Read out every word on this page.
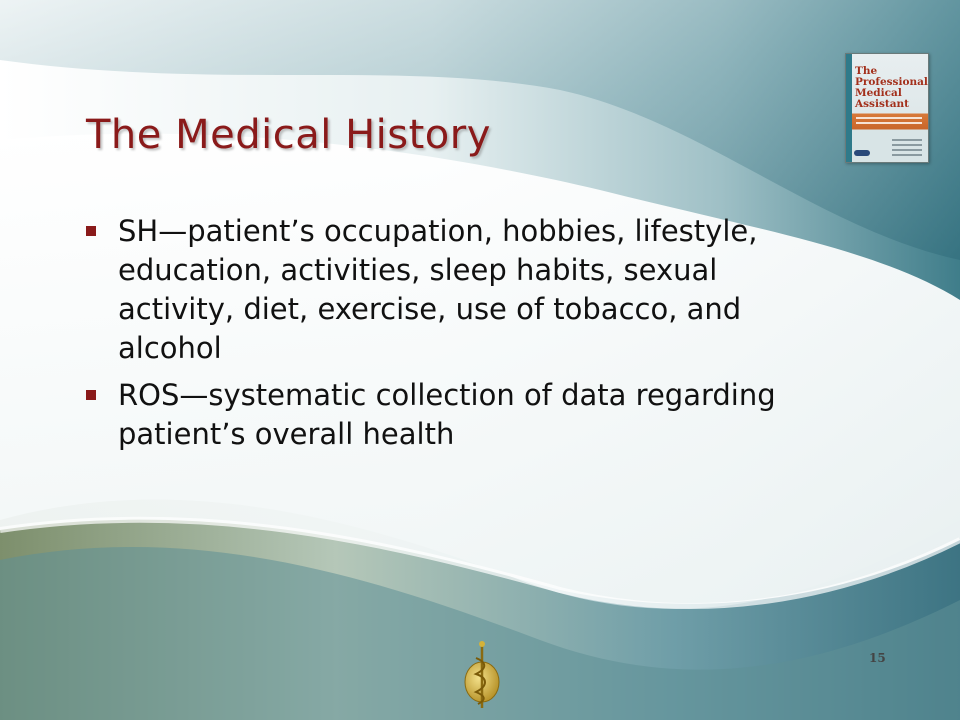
The Medical History
SH—patient’s occupation, hobbies, lifestyle, education, activities, sleep habits, sexual activity, diet, exercise, use of tobacco, and alcohol
ROS—systematic collection of data regarding patient’s overall health
The Professional Medical Assistant
15
